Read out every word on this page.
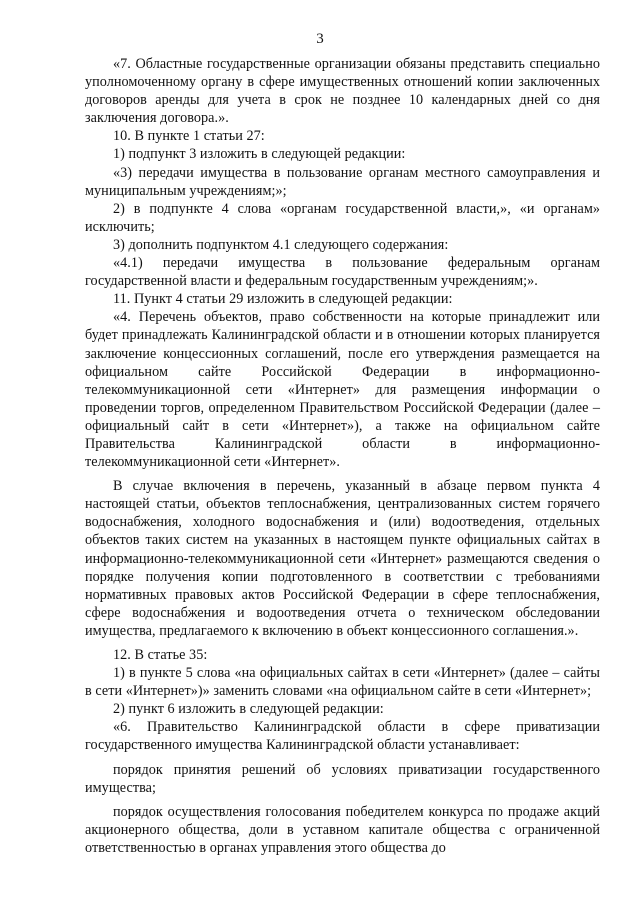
3

«7. Областные государственные организации обязаны представить специально уполномоченному органу в сфере имущественных отношений копии заключенных договоров аренды для учета в срок не позднее 10 календарных дней со дня заключения договора.».

10. В пункте 1 статьи 27:

1) подпункт 3 изложить в следующей редакции:

«3) передачи имущества в пользование органам местного самоуправления и муниципальным учреждениям;»;

2) в подпункте 4 слова «органам государственной власти,», «и органам» исключить;

3) дополнить подпунктом 4.1 следующего содержания:

«4.1) передачи имущества в пользование федеральным органам государственной власти и федеральным государственным учреждениям;».

11. Пункт 4 статьи 29 изложить в следующей редакции:

«4. Перечень объектов, право собственности на которые принадлежит или будет принадлежать Калининградской области и в отношении которых планируется заключение концессионных соглашений, после его утверждения размещается на официальном сайте Российской Федерации в информационно-телекоммуникационной сети «Интернет» для размещения информации о проведении торгов, определенном Правительством Российской Федерации (далее – официальный сайт в сети «Интернет»), а также на официальном сайте Правительства Калининградской области в информационно-телекоммуникационной сети «Интернет».

В случае включения в перечень, указанный в абзаце первом пункта 4 настоящей статьи, объектов теплоснабжения, централизованных систем горячего водоснабжения, холодного водоснабжения и (или) водоотведения, отдельных объектов таких систем на указанных в настоящем пункте официальных сайтах в информационно-телекоммуникационной сети «Интернет» размещаются сведения о порядке получения копии подготовленного в соответствии с требованиями нормативных правовых актов Российской Федерации в сфере теплоснабжения, сфере водоснабжения и водоотведения отчета о техническом обследовании имущества, предлагаемого к включению в объект концессионного соглашения.».

12. В статье 35:

1) в пункте 5 слова «на официальных сайтах в сети «Интернет» (далее – сайты в сети «Интернет»)» заменить словами «на официальном сайте в сети «Интернет»;

2) пункт 6 изложить в следующей редакции:

«6. Правительство Калининградской области в сфере приватизации государственного имущества Калининградской области устанавливает:

порядок принятия решений об условиях приватизации государственного имущества;

порядок осуществления голосования победителем конкурса по продаже акций акционерного общества, доли в уставном капитале общества с ограниченной ответственностью в органах управления этого общества до
